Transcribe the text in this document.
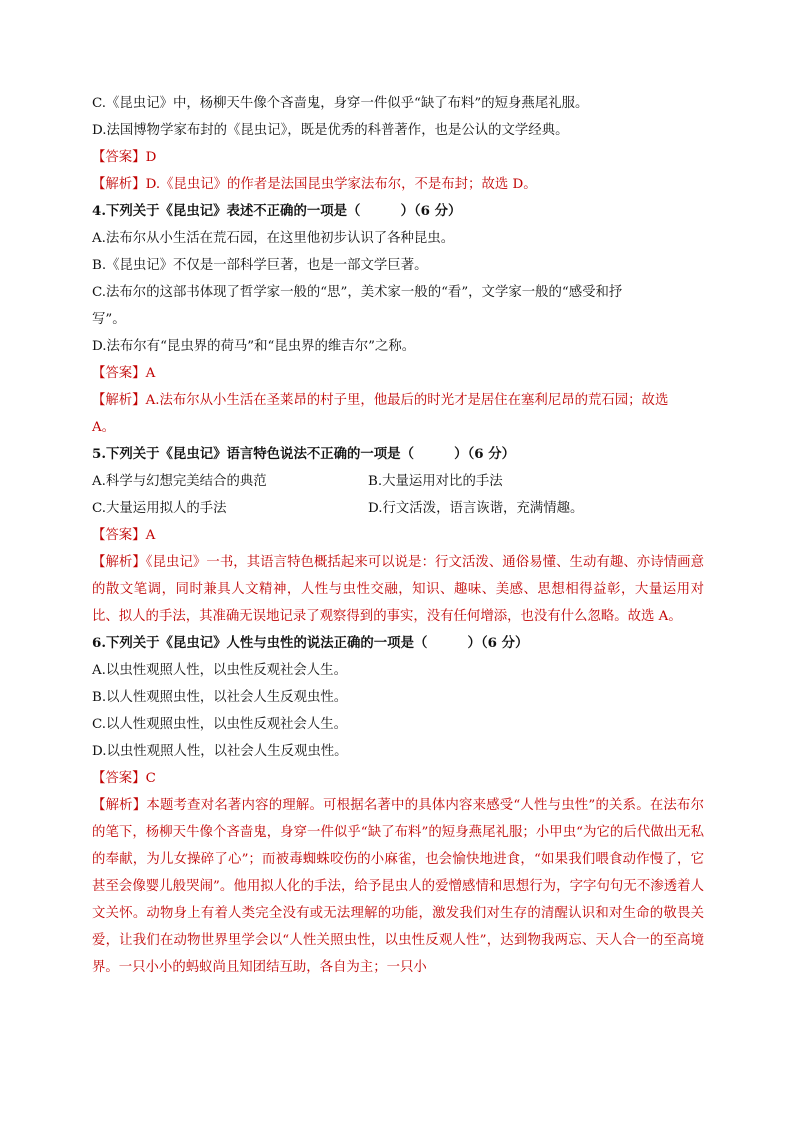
C.《昆虫记》中，杨柳天牛像个吝啬鬼，身穿一件似乎“缺了布料”的短身燕尾礼服。
D.法国博物学家布封的《昆虫记》，既是优秀的科普著作，也是公认的文学经典。
【答案】D
【解析】D.《昆虫记》的作者是法国昆虫学家法布尔，不是布封；故选 D。
4.下列关于《昆虫记》表述不正确的一项是（　　　）（6 分）
A.法布尔从小生活在荒石园，在这里他初步认识了各种昆虫。
B.《昆虫记》不仅是一部科学巨著，也是一部文学巨著。
C.法布尔的这部书体现了哲学家一般的“思”，美术家一般的“看”，文学家一般的“感受和抒
写”。
D.法布尔有“昆虫界的荷马”和“昆虫界的维吉尔”之称。
【答案】A
【解析】A.法布尔从小生活在圣莱昂的村子里，他最后的时光才是居住在塞利尼昂的荒石园；故选
A。
5.下列关于《昆虫记》语言特色说法不正确的一项是（　　　）（6 分）
A.科学与幻想完美结合的典范	B.大量运用对比的手法
C.大量运用拟人的手法	D.行文活泼，语言诙谐，充满情趣。
【答案】A
【解析】《昆虫记》一书，其语言特色概括起来可以说是：行文活泼、通俗易懂、生动有趣、亦诗情画意的散文笔调，同时兼具人文精神，人性与虫性交融，知识、趣味、美感、思想相得益彰，大量运用对比、拟人的手法，其准确无误地记录了观察得到的事实，没有任何增添，也没有什么忽略。故选 A。
6.下列关于《昆虫记》人性与虫性的说法正确的一项是（　　　）（6 分）
A.以虫性观照人性，以虫性反观社会人生。
B.以人性观照虫性，以社会人生反观虫性。
C.以人性观照虫性，以虫性反观社会人生。
D.以虫性观照人性，以社会人生反观虫性。
【答案】C
【解析】本题考查对名著内容的理解。可根据名著中的具体内容来感受“人性与虫性”的关系。在法布尔的笔下，杨柳天牛像个吝啬鬼，身穿一件似乎“缺了布料”的短身燕尾礼服；小甲虫“为它的后代做出无私的奉献，为儿女操碎了心”；而被毒蜘蛛咬伤的小麻雀，也会愉快地进食，“如果我们喂食动作慢了，它甚至会像婴儿般哭闹”。他用拟人化的手法，给予昆虫人的爱憎感情和思想行为，字字句句无不渗透着人文关怀。动物身上有着人类完全没有或无法理解的功能，激发我们对生存的清醒认识和对生命的敬畏关爱，让我们在动物世界里学会以“人性关照虫性，以虫性反观人性”，达到物我两忘、天人合一的至高境界。一只小小的蚂蚁尚且知团结互助，各自为主；一只小
